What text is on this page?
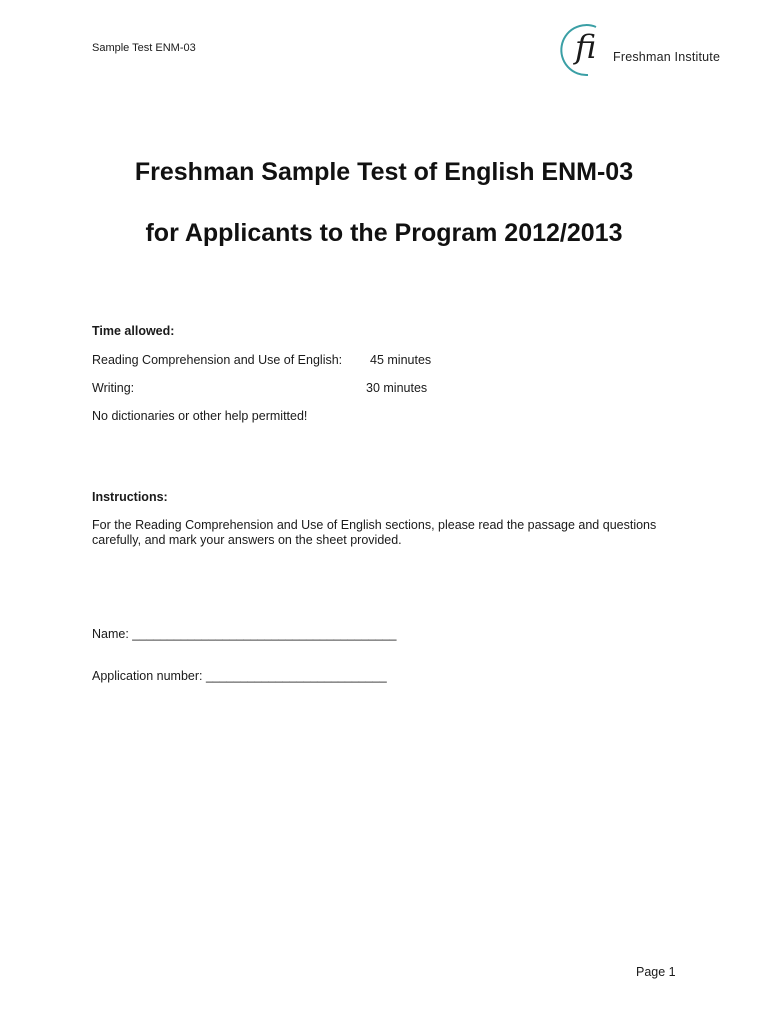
Sample Test ENM-03	fi Freshman Institute
Freshman Sample Test of English ENM-03
for Applicants to the Program 2012/2013
Time allowed:
Reading Comprehension and Use of English: 45 minutes
Writing:	30 minutes
No dictionaries or other help permitted!
Instructions:
For the Reading Comprehension and Use of English sections, please read the passage and questions
carefully, and mark your answers on the sheet provided.
Name: ______________________________________
Application number: __________________________
Page 1
